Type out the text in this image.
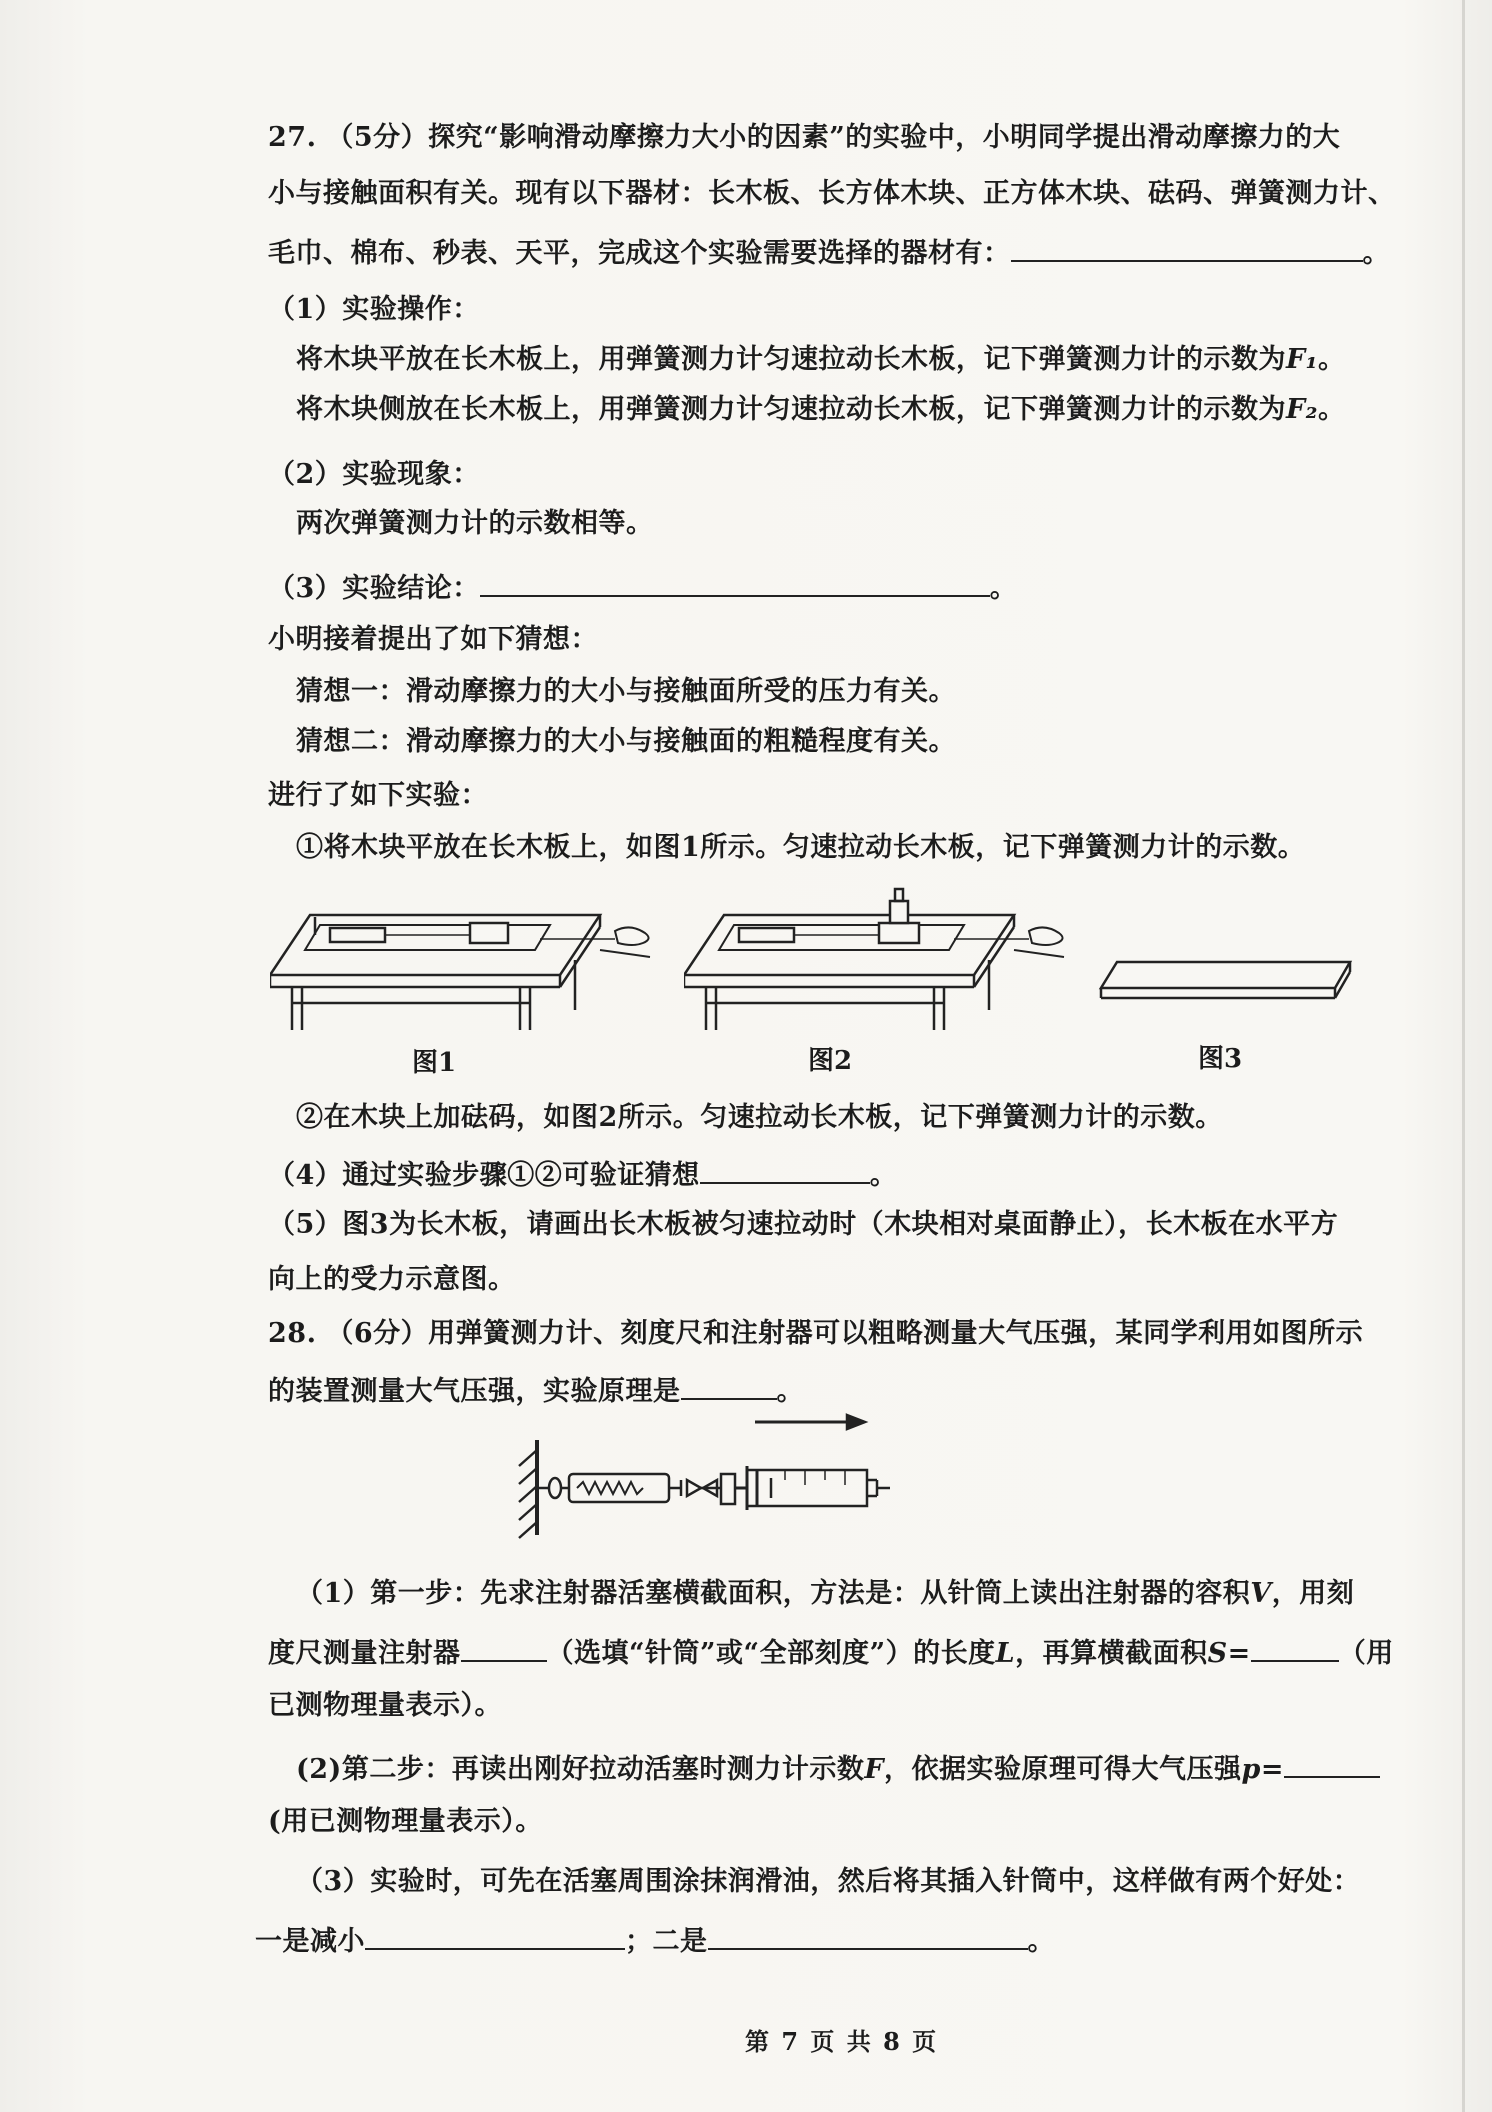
27. （5分）探究“影响滑动摩擦力大小的因素”的实验中，小明同学提出滑动摩擦力的大
小与接触面积有关。现有以下器材：长木板、长方体木块、正方体木块、砝码、弹簧测力计、
毛巾、棉布、秒表、天平，完成这个实验需要选择的器材有：	。
（1）实验操作：
将木块平放在长木板上，用弹簧测力计匀速拉动长木板，记下弹簧测力计的示数为F₁。
将木块侧放在长木板上，用弹簧测力计匀速拉动长木板，记下弹簧测力计的示数为F₂。
（2）实验现象：
两次弹簧测力计的示数相等。
（3）实验结论：	。
小明接着提出了如下猜想：
猜想一：滑动摩擦力的大小与接触面所受的压力有关。
猜想二：滑动摩擦力的大小与接触面的粗糙程度有关。
进行了如下实验：
①将木块平放在长木板上，如图1所示。匀速拉动长木板，记下弹簧测力计的示数。
图1	图2	图3
②在木块上加砝码，如图2所示。匀速拉动长木板，记下弹簧测力计的示数。
（4）通过实验步骤①②可验证猜想	。
（5）图3为长木板，请画出长木板被匀速拉动时（木块相对桌面静止），长木板在水平方
向上的受力示意图。
28. （6分）用弹簧测力计、刻度尺和注射器可以粗略测量大气压强，某同学利用如图所示
的装置测量大气压强，实验原理是	。
（1）第一步：先求注射器活塞横截面积，方法是：从针筒上读出注射器的容积V，用刻
度尺测量注射器	（选填“针筒”或“全部刻度”）的长度L，再算横截面积S=	（用
已测物理量表示）。
(2)第二步：再读出刚好拉动活塞时测力计示数F，依据实验原理可得大气压强p=
(用已测物理量表示）。
（3）实验时，可先在活塞周围涂抹润滑油，然后将其插入针筒中，这样做有两个好处：
一是减小	；二是	。
第 7 页 共 8 页
